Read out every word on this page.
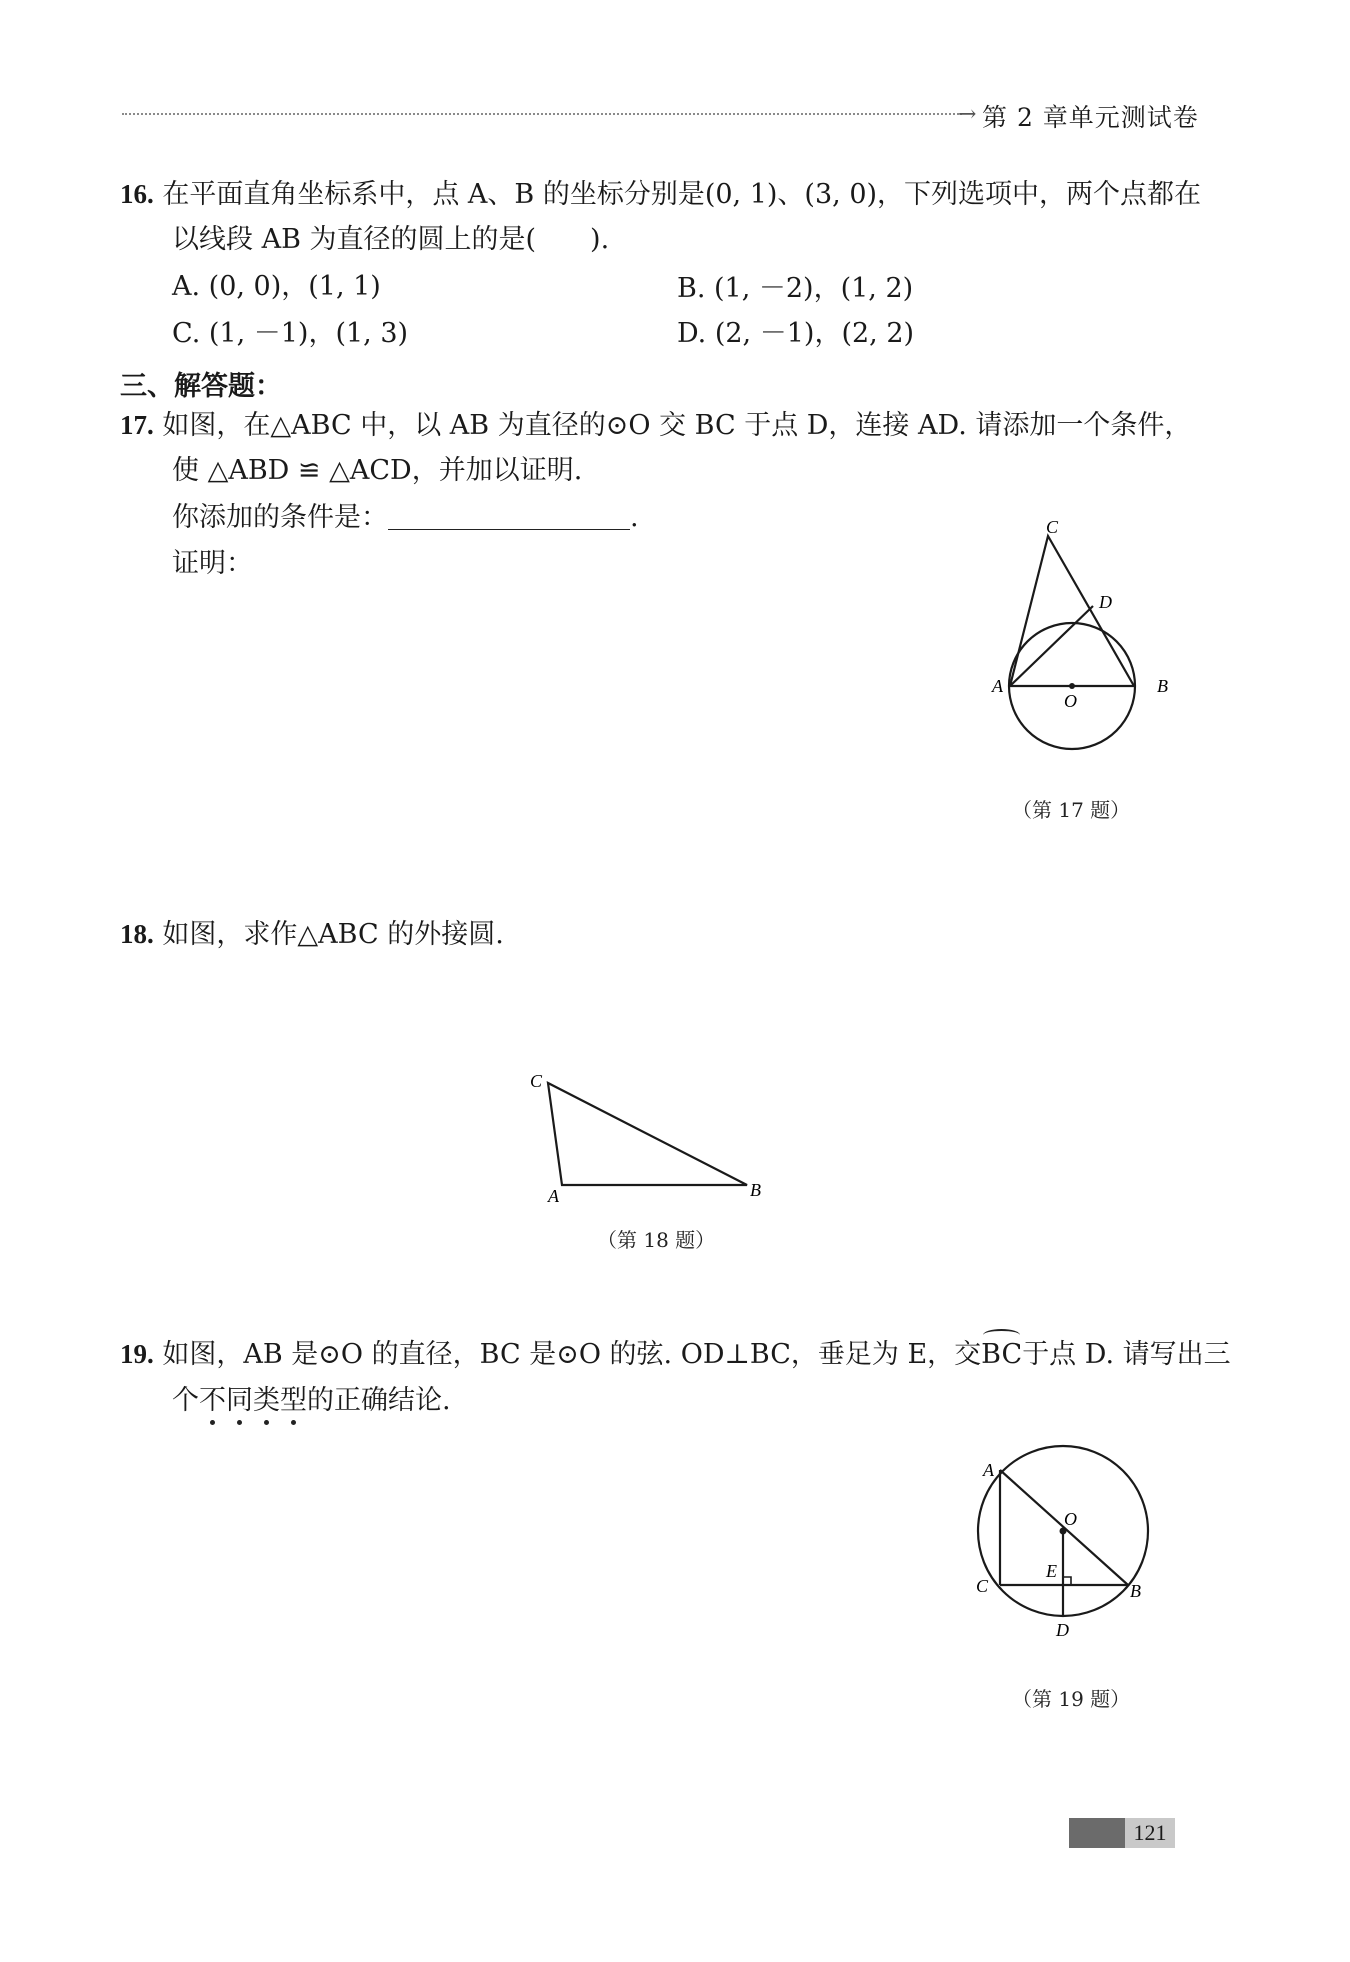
→ 第 2 章单元测试卷
16. 在平面直角坐标系中，点 A、B 的坐标分别是(0, 1)、(3, 0)，下列选项中，两个点都在
以线段 AB 为直径的圆上的是(　　).
A. (0, 0)，(1, 1)	B. (1, －2)，(1, 2)
C. (1, －1)，(1, 3)	D. (2, －1)，(2, 2)
三、解答题：
17. 如图，在△ABC 中，以 AB 为直径的⊙O 交 BC 于点 D，连接 AD. 请添加一个条件，
使 △ABD ≌ △ACD，并加以证明.
你添加的条件是：	.
证明：
C
D
A
O
B
（第 17 题）
18. 如图，求作△ABC 的外接圆.
C
A	B
（第 18 题）
19. 如图，AB 是⊙O 的直径，BC 是⊙O 的弦. OD⊥BC，垂足为 E，交BC于点 D. 请写出三
个不同类型的正确结论.
A
O
E
C	B
D
（第 19 题）
121
